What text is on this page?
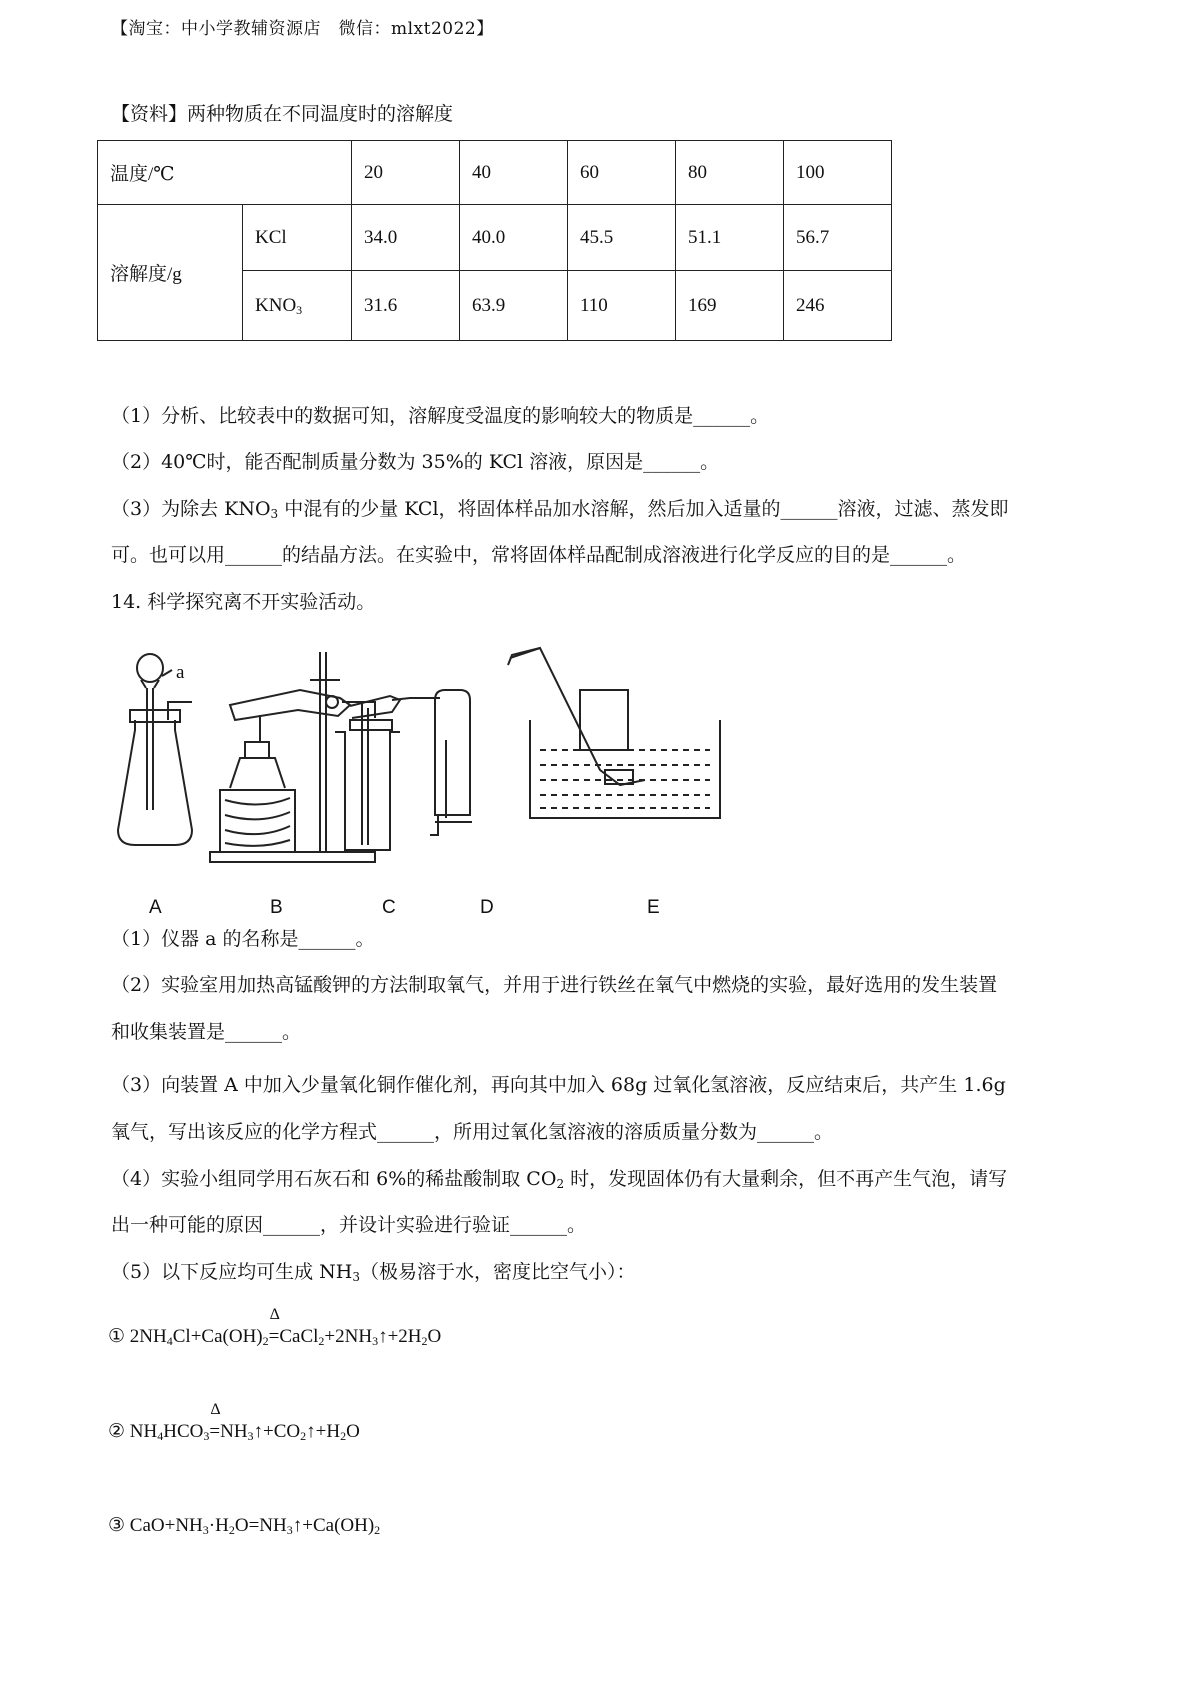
【淘宝：中小学教辅资源店　微信：mlxt2022】
【资料】两种物质在不同温度时的溶解度
温度/℃		20	40	60	80	100
溶解度/g	KCl	34.0	40.0	45.5	51.1	56.7
	$KNO_3$	31.6	63.9	110	169	246
（1）分析、比较表中的数据可知，溶解度受温度的影响较大的物质是______。
（2）40℃时，能否配制质量分数为 35%的 KCl 溶液，原因是______。
（3）为除去 $KNO_3$ 中混有的少量 KCl，将固体样品加水溶解，然后加入适量的______溶液，过滤、蒸发即
可。也可以用______的结晶方法。在实验中，常将固体样品配制成溶液进行化学反应的目的是______。
14. 科学探究离不开实验活动。
A	B	C	D	E
a
（1）仪器 a 的名称是______。
（2）实验室用加热高锰酸钾的方法制取氧气，并用于进行铁丝在氧气中燃烧的实验，最好选用的发生装置
和收集装置是______。
（3）向装置 A 中加入少量氧化铜作催化剂，再向其中加入 68g 过氧化氢溶液，反应结束后，共产生 1.6g
氧气，写出该反应的化学方程式______，所用过氧化氢溶液的溶质质量分数为______。
（4）实验小组同学用石灰石和 6%的稀盐酸制取 $CO_2$ 时，发现固体仍有大量剩余，但不再产生气泡，请写
出一种可能的原因______，并设计实验进行验证______。
（5）以下反应均可生成 $NH_3$（极易溶于水，密度比空气小）：
① $2NH_4Cl+Ca(OH)_2$
Δ
$=CaCl_2+2NH_3↑+2H_2O$
② $NH_4HCO_3$
Δ
$=NH_3↑+CO_2↑+H_2O$
③ $CaO+NH_3\cdot H_2O=NH_3↑+Ca(OH)_2$
